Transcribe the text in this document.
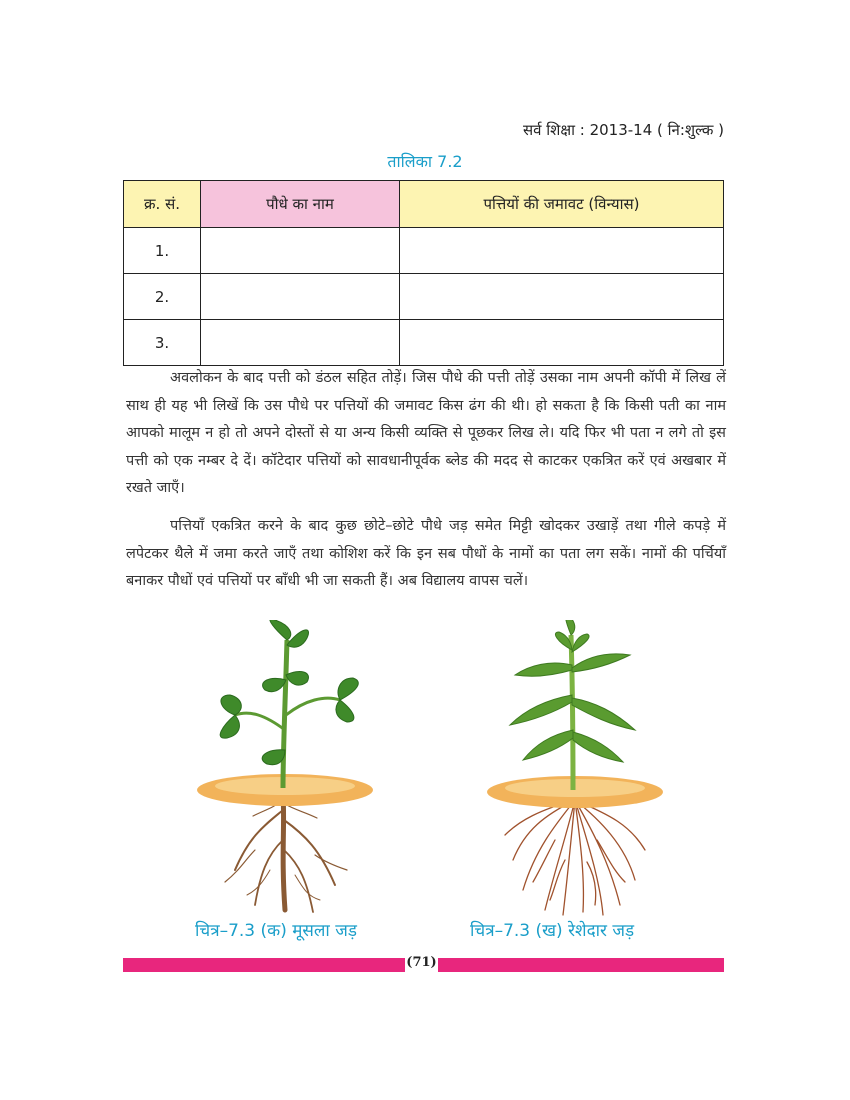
सर्व शिक्षा : 2013-14 ( नि:शुल्क )
तालिका 7.2
क्र. सं.	पौधे का नाम	पत्तियों की जमावट (विन्यास)
1.		
2.		
3.		

अवलोकन के बाद पत्ती को डंठल सहित तोड़ें। जिस पौधे की पत्ती तोड़ें उसका नाम अपनी कॉपी में लिख लें साथ ही यह भी लिखें कि उस पौधे पर पत्तियों की जमावट किस ढंग की थी। हो सकता है कि किसी पती का नाम आपको मालूम न हो तो अपने दोस्तों से या अन्य किसी व्यक्ति से पूछकर लिख ले। यदि फिर भी पता न लगे तो इस पत्ती को एक नम्बर दे दें। कॉटेदार पत्तियों को सावधानीपूर्वक ब्लेड की मदद से काटकर एकत्रित करें एवं अखबार में रखते जाएँ।

पत्तियाँ एकत्रित करने के बाद कुछ छोटे–छोटे पौधे जड़ समेत मिट्टी खोदकर उखाड़ें तथा गीले कपड़े में लपेटकर थैले में जमा करते जाएँ तथा कोशिश करें कि इन सब पौधों के नामों का पता लग सकें। नामों की पर्चियाँ बनाकर पौधों एवं पत्तियों पर बाँधी भी जा सकती हैं। अब विद्यालय वापस चलें।

चित्र–7.3 (क) मूसला जड़	चित्र–7.3 (ख) रेशेदार जड़
(71)
